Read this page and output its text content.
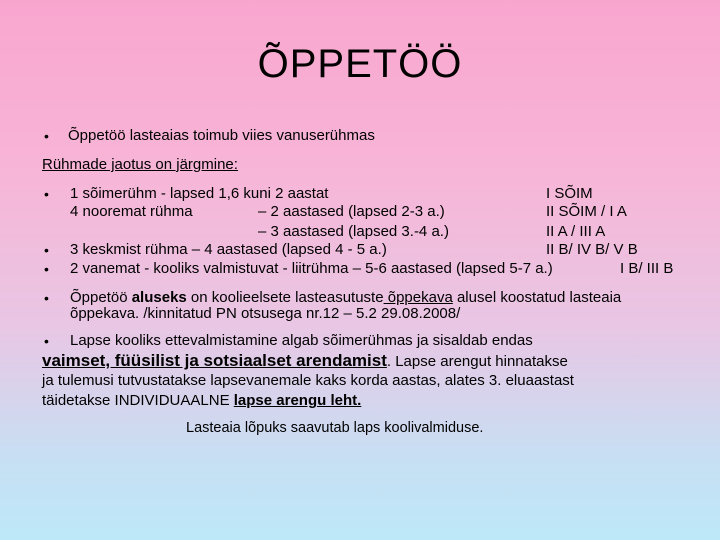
ÕPPETÖÖ
• Õppetöö lasteaias toimub viies vanuserühmas
Rühmade jaotus on järgmine:
• 1 sõimerühm - lapsed 1,6 kuni 2 aastat	I SÕIM
4 nooremat rühma	– 2 aastased (lapsed 2-3 a.)	II SÕIM / I A
– 3 aastased (lapsed 3.-4 a.)	II A / III A
• 3 keskmist rühma – 4 aastased (lapsed 4 - 5 a.)	II B/ IV B/ V B
• 2 vanemat - kooliks valmistuvat - liitrühma – 5-6 aastased (lapsed 5-7 a.)	I B/ III B
• Õppetöö aluseks on koolieelsete lasteasutuste õppekava alusel koostatud lasteaia
õppekava. /kinnitatud PN otsusega nr.12 – 5.2 29.08.2008/
• Lapse kooliks ettevalmistamine algab sõimerühmas ja sisaldab endas
vaimset, füüsilist ja sotsiaalset arendamist. Lapse arengut hinnatakse
ja tulemusi tutvustatakse lapsevanemale kaks korda aastas, alates 3. eluaastast
täidetakse INDIVIDUAALNE lapse arengu leht.
Lasteaia lõpuks saavutab laps koolivalmiduse.
